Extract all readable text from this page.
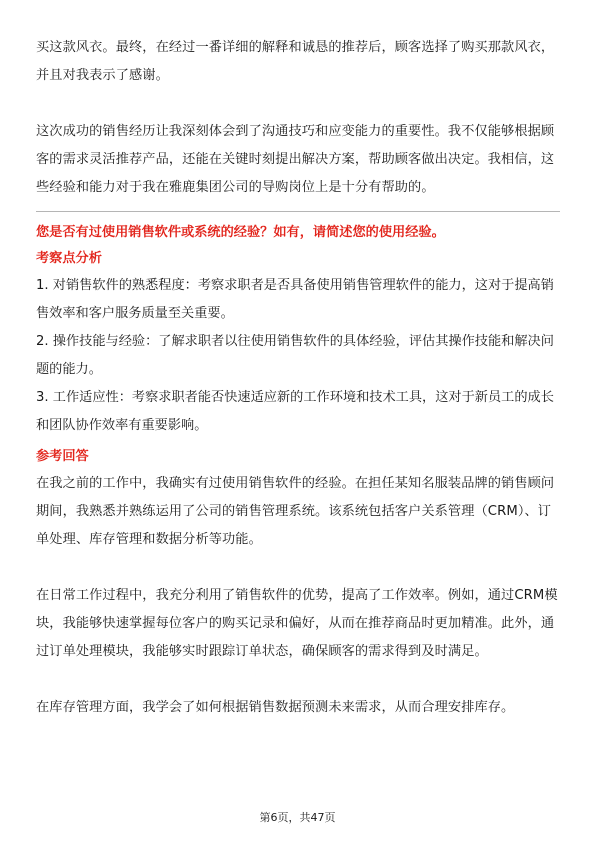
买这款风衣。最终，在经过一番详细的解释和诚恳的推荐后，顾客选择了购买那款风衣，并且对我表示了感谢。

这次成功的销售经历让我深刻体会到了沟通技巧和应变能力的重要性。我不仅能够根据顾客的需求灵活推荐产品，还能在关键时刻提出解决方案，帮助顾客做出决定。我相信，这些经验和能力对于我在雅鹿集团公司的导购岗位上是十分有帮助的。

您是否有过使用销售软件或系统的经验？如有，请简述您的使用经验。

考察点分析

1. 对销售软件的熟悉程度：考察求职者是否具备使用销售管理软件的能力，这对于提高销售效率和客户服务质量至关重要。

2. 操作技能与经验：了解求职者以往使用销售软件的具体经验，评估其操作技能和解决问题的能力。

3. 工作适应性：考察求职者能否快速适应新的工作环境和技术工具，这对于新员工的成长和团队协作效率有重要影响。

参考回答

在我之前的工作中，我确实有过使用销售软件的经验。在担任某知名服装品牌的销售顾问期间，我熟悉并熟练运用了公司的销售管理系统。该系统包括客户关系管理（CRM）、订单处理、库存管理和数据分析等功能。

在日常工作过程中，我充分利用了销售软件的优势，提高了工作效率。例如，通过CRM模块，我能够快速掌握每位客户的购买记录和偏好，从而在推荐商品时更加精准。此外，通过订单处理模块，我能够实时跟踪订单状态，确保顾客的需求得到及时满足。

在库存管理方面，我学会了如何根据销售数据预测未来需求，从而合理安排库存。

第6页，共47页
